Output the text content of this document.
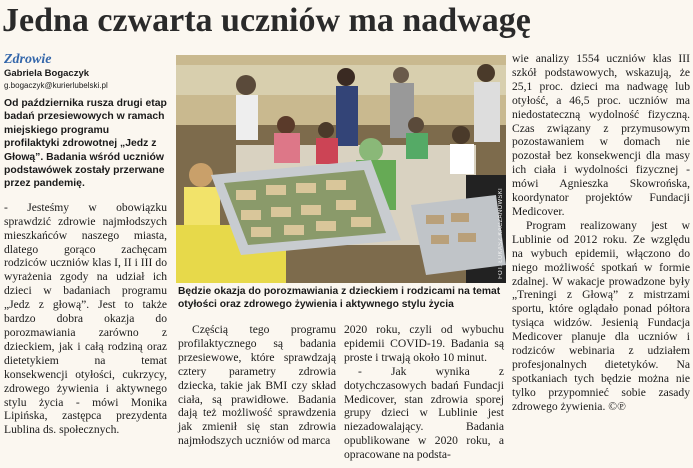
Jedna czwarta uczniów ma nadwagę
Zdrowie
Gabriela Bogaczyk
g.bogaczyk@kurierlubelski.pl
Od października rusza drugi etap badań przesiewowych w ramach miejskiego programu profilaktyki zdrowotnej „Jedz z Głową”. Badania wśród uczniów podstawówek zostały przerwane przez pandemię.

- Jesteśmy w obowiązku sprawdzić zdrowie najmłodszych mieszkańców naszego miasta, dlatego gorąco zachęcam rodziców uczniów klas I, II i III do wyrażenia zgody na udział ich dzieci w badaniach programu „Jedz z głową”. Jest to także bardzo dobra okazja do porozmawiania zarówno z dzieckiem, jak i całą rodziną oraz dietetykiem na temat konsekwencji otyłości, cukrzycy, zdrowego żywienia i aktywnego stylu życia - mówi Monika Lipińska, zastępca prezydenta Lublina ds. społecznych.

FOT. ŁUKASZ KACZANOWSKI
Będzie okazja do porozmawiania z dzieckiem i rodzicami na temat otyłości oraz zdrowego żywienia i aktywnego stylu życia

Częścią tego programu profilaktycznego są badania przesiewowe, które sprawdzają cztery parametry zdrowia dziecka, takie jak BMI czy skład ciała, są prawidłowe. Badania dają też możliwość sprawdzenia jak zmienił się stan zdrowia najmłodszych uczniów od marca

2020 roku, czyli od wybuchu epidemii COVID-19. Badania są proste i trwają około 10 minut.

- Jak wynika z dotychczasowych badań Fundacji Medicover, stan zdrowia sporej grupy dzieci w Lublinie jest niezadowalający. Badania opublikowane w 2020 roku, a opracowane na podsta-

wie analizy 1554 uczniów klas III szkół podstawowych, wskazują, że 25,1 proc. dzieci ma nadwagę lub otyłość, a 46,5 proc. uczniów ma niedostateczną wydolność fizyczną. Czas związany z przymusowym pozostawaniem w domach nie pozostał bez konsekwencji dla masy ich ciała i wydolności fizycznej - mówi Agnieszka Skowrońska, koordynator projektów Fundacji Medicover.

Program realizowany jest w Lublinie od 2012 roku. Ze względu na wybuch epidemii, włączono do niego możliwość spotkań w formie zdalnej. W wakacje prowadzone były „Treningi z Głową” z mistrzami sportu, które oglądało ponad półtora tysiąca widzów. Jesienią Fundacja Medicover planuje dla uczniów i rodziców webinaria z udziałem profesjonalnych dietetyków. Na spotkaniach tych będzie można nie tylko przypomnieć sobie zasady zdrowego żywienia. ©℗
